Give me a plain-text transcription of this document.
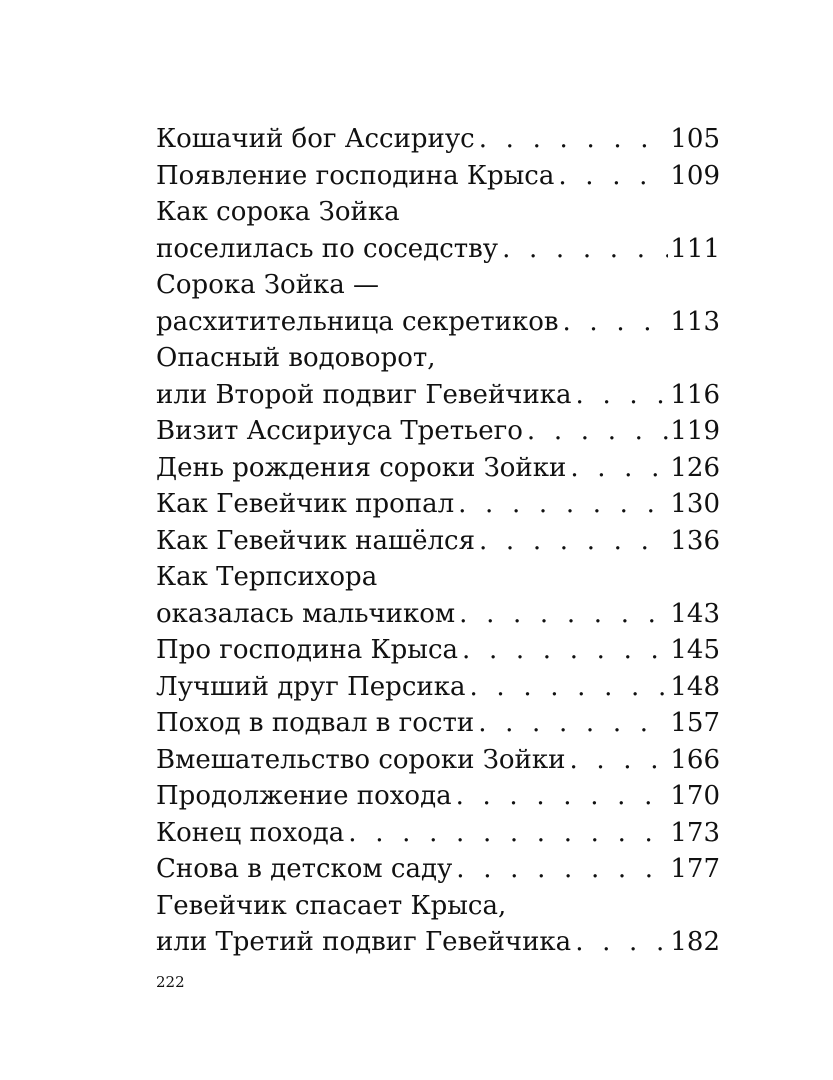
Кошачий бог Ассириус . . .	105
Появление господина Крыса . . .	109
Как сорока Зойка
поселилась по соседству . . .	111
Сорока Зойка —
расхитительница секретиков . . .	113
Опасный водоворот,
или Второй подвиг Гевейчика . . .	116
Визит Ассириуса Третьего . . .	119
День рождения сороки Зойки . . .	126
Как Гевейчик пропал . . .	130
Как Гевейчик нашёлся . . .	136
Как Терпсихора
оказалась мальчиком . . .	143
Про господина Крыса . . .	145
Лучший друг Персика . . .	148
Поход в подвал в гости . . .	157
Вмешательство сороки Зойки . . .	166
Продолжение похода . . .	170
Конец похода . . .	173
Снова в детском саду . . .	177
Гевейчик спасает Крыса,
или Третий подвиг Гевейчика . . .	182
222
